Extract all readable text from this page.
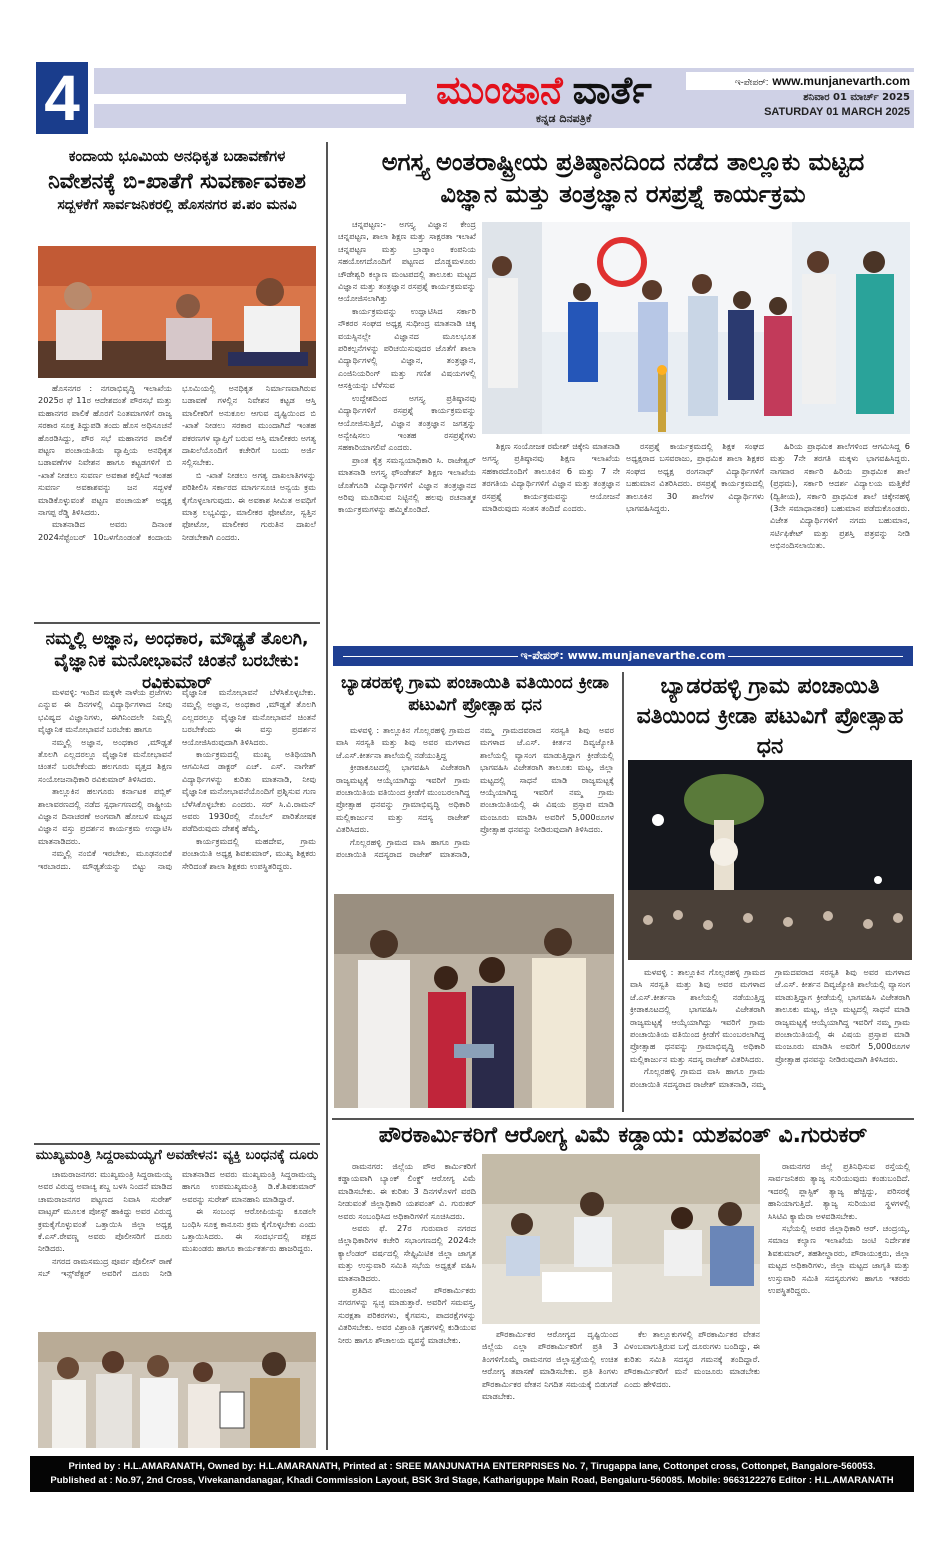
4	ಮುಂಜಾನೆ ವಾರ್ತೆ
ಕನ್ನಡ ದಿನಪತ್ರಿಕೆ
ಇ-ಪೇಪರ್: www.munjanevarth.com
ಶನಿವಾರ 01 ಮಾರ್ಚ್ 2025
SATURDAY 01 MARCH 2025
ಕಂದಾಯ ಭೂಮಿಯ ಅನಧಿಕೃತ ಬಡಾವಣೆಗಳ
ನಿವೇಶನಕ್ಕೆ ಬಿ-ಖಾತೆಗೆ ಸುವರ್ಣಾವಕಾಶ
ಸದ್ಬಳಕೆಗೆ ಸಾರ್ವಜನಿಕರಲ್ಲಿ ಹೊಸನಗರ ಪ.ಪಂ ಮನವಿ

ಹೊಸನಗರ : ನಗರಾಭಿವೃದ್ಧಿ ಇಲಾಖೆಯ 2025ರ ಫೆ 11ರ ಆದೇಶದಂತೆ ಪೌರಸಭೆ ಮತ್ತು ಮಹಾನಗರ ಪಾಲಿಕೆ ಹೊರಗೆ ನಿಂತಮಾಗಳಿಗೆ ರಾಜ್ಯ ಸರಕಾರ ಸೂಕ್ತ ತಿದ್ದುಪಡಿ ತಂದು ಹೊಸ ಅಧಿಸೂಚನೆ ಹೊರಡಿಸಿದ್ದು, ಪೌರ ಸಭೆ ಮಹಾನಗರ ಪಾಲಿಕೆ ಪಟ್ಟಣ ಪಂಚಾಯತಿಯ ವ್ಯಾಪ್ತಿಯ ಅನಧಿಕೃತ ಬಡಾವಣೆಗಳ ನಿವೇಶನ ಹಾಗೂ ಕಟ್ಟಡಗಳಿಗೆ ಬಿ -ಖಾತೆ ನೀಡಲು ಸುವರ್ಣ ಅವಕಾಶ ಕಲ್ಪಿಸಿದೆ ಇಂತಹ ಸುವರ್ಣ ಅವಕಾಶವನ್ನು ಜನ ಸದ್ಬಳಕೆ ಮಾಡಿಕೊಳ್ಳುವಂತೆ ಪಟ್ಟಣ ಪಂಚಾಯತ್ ಅಧ್ಯಕ್ಷ ನಾಗಪ್ಪ ರೆಡ್ಡಿ ತಿಳಿಸಿದರು.

ಮಾತನಾಡಿದ ಅವರು ದಿನಾಂಕ 2024ಸೆಪ್ಟೆಂಬರ್ 10ಒಳಗೊಂಡಂತೆ ಕಂದಾಯ ಭೂಮಿಯಲ್ಲಿ ಅನಧಿಕೃತ ನಿರ್ಮಾಣವಾಗಿರುವ ಬಡಾವಣೆ ಗಳಲ್ಲಿನ ನಿವೇಶನ ಕಟ್ಟಡ ಆಸ್ತಿ ಮಾಲೀಕರಿಗೆ ಅನುಕೂಲ ಆಗುವ ದೃಷ್ಟಿಯಿಂದ ಬಿ -ಖಾತೆ ನೀಡಲು ಸರಕಾರ ಮುಂದಾಗಿದೆ ಇಂತಹ ಪಕರಣಗಳ ವ್ಯಾಪ್ತಿಗೆ ಬರುವ ಆಸ್ತಿ ಮಾಲೀಕರು ಅಗತ್ಯ ದಾಖಲೆಯೊಂದಿಗೆ ಕಚೇರಿಗೆ ಬಂದು ಅರ್ಜಿ ಸಲ್ಲಿಸಬೇಕು.

ಬಿ -ಖಾತೆ ನೀಡಲು ಅಗತ್ಯ ದಾಖಲಾತಿಗಳನ್ನು ಪರಿಶೀಲಿಸಿ ಸರ್ಕಾರದ ಮಾರ್ಗಸೂಚಿ ಅನ್ವಯ ಕ್ರಮ ಕೈಗೊಳ್ಳಲಾಗುವುದು. ಈ ಅವಕಾಶ ಸೀಮಿತ ಅವಧಿಗೆ ಮಾತ್ರ ಲಭ್ಯವಿದ್ದು, ಮಾಲೀಕರ ಫೋಟೋ, ಸ್ವತ್ತಿನ ಫೋಟೋ, ಮಾಲೀಕರ ಗುರುತಿನ ದಾಖಲೆ ನೀಡಬೇಕಾಗಿ ಎಂದರು.

ನಮ್ಮಲ್ಲಿ ಅಜ್ಞಾನ, ಅಂಧಕಾರ, ಮೌಢ್ಯತೆ ತೊಲಗಿ, ವೈಜ್ಞಾನಿಕ ಮನೋಭಾವನೆ ಚಿಂತನೆ ಬರಬೇಕು: ರವಿಕುಮಾರ್

ಮಳವಳ್ಳಿ: ಇಂದಿನ ಮಕ್ಕಳೇ ನಾಳೆಯ ಪ್ರಜೆಗಳು ಎನ್ನುವ ಈ ದಿನಗಳಲ್ಲಿ ವಿದ್ಯಾರ್ಥಿಗಳಾದ ನೀವು ಭವಿಷ್ಯದ ವಿಜ್ಞಾನಿಗಳು, ಈಗಿನಿಂದಲೇ ನಿಮ್ಮಲ್ಲಿ ವೈಜ್ಞಾನಿಕ ಮನೋಭಾವನೆ ಬರಬೇಕು ಹಾಗೂ

ನಮ್ಮಲ್ಲಿ ಅಜ್ಞಾನ, ಅಂಧಕಾರ ,ಮೌಢ್ಯತೆ ತೊಲಗಿ ಎಲ್ಲದರಲ್ಲೂ ವೈಜ್ಞಾನಿಕ ಮನೋಭಾವನೆ ಚಿಂತನೆ ಬರಬೇಕೆಂದು ಹಲಗೂರು ವೃತ್ತದ ಶಿಕ್ಷಣ ಸಂಯೋಜನಾಧಿಕಾರಿ ರವಿಕುಮಾರ್ ತಿಳಿಸಿದರು.

ತಾಲ್ಲೂಕಿನ ಹಲಗೂರು ಕರ್ನಾಟಕ ಪಬ್ಲಿಕ್ ಶಾಲಾವರಣದಲ್ಲಿ ನಡೆದ ಸ್ಪರ್ಧಾಗಣದಲ್ಲಿ ರಾಷ್ಟ್ರೀಯ ವಿಜ್ಞಾನ ದಿನಾಚರಣೆ ಅಂಗವಾಗಿ ಹೋಬಳಿ ಮಟ್ಟದ ವಿಜ್ಞಾನ ವಸ್ತು ಪ್ರದರ್ಶನ ಕಾರ್ಯಕ್ರಮ ಉದ್ಘಾಟಿಸಿ ಮಾತನಾಡಿದರು.

ನಮ್ಮಲ್ಲಿ ನಂಬಿಕೆ ಇರಬೇಕು, ಮೂಢನಂಬಿಕೆ ಇರಬಾರದು. ಮೌಢ್ಯತೆಯನ್ನು ಬಿಟ್ಟು ನಾವು ವೈಜ್ಞಾನಿಕ ಮನೋಭಾವನೆ ಬೆಳೆಸಿಕೊಳ್ಳಬೇಕು. ನಮ್ಮಲ್ಲಿ ಅಜ್ಞಾನ, ಅಂಧಕಾರ ,ಮೌಢ್ಯತೆ ತೊಲಗಿ ಎಲ್ಲದರಲ್ಲೂ ವೈಜ್ಞಾನಿಕ ಮನೋಭಾವನೆ ಚಿಂತನೆ ಬರಬೇಕೆಂದು ಈ ವಸ್ತು ಪ್ರದರ್ಶನ ಆಯೋಜಿಸಿರುವುದಾಗಿ ತಿಳಿಸಿದರು.

ಕಾರ್ಯಕ್ರಮದಲ್ಲಿ ಮುಖ್ಯ ಅತಿಥಿಯಾಗಿ ಆಗಮಿಸಿದ ಡಾಕ್ಟರ್ ಎಚ್. ಎಸ್. ನಾಗೇಶ್ ವಿದ್ಯಾರ್ಥಿಗಳನ್ನು ಕುರಿತು ಮಾತನಾಡಿ, ನೀವು ವೈಜ್ಞಾನಿಕ ಮನೋಭಾವನೆಯೊಂದಿಗೆ ಪ್ರಶ್ನಿಸುವ ಗುಣ ಬೆಳೆಸಿಕೊಳ್ಳಬೇಕು ಎಂದರು. ಸರ್ ಸಿ.ವಿ.ರಾಮನ್ ಅವರು 1930ರಲ್ಲಿ ನೊಬೆಲ್ ಪಾರಿತೋಷಕ ಪಡೆದಿರುವುದು ದೇಶಕ್ಕೆ ಹೆಮ್ಮೆ.

ಕಾರ್ಯಕ್ರಮದಲ್ಲಿ ಮಹದೇವ, ಗ್ರಾಮ ಪಂಚಾಯಿತಿ ಅಧ್ಯಕ್ಷ ಶಿವಕುಮಾರ್, ಮುಖ್ಯ ಶಿಕ್ಷಕರು ಸೇರಿದಂತೆ ಶಾಲಾ ಶಿಕ್ಷಕರು ಉಪಸ್ಥಿತರಿದ್ದರು.

ಮುಖ್ಯಮಂತ್ರಿ ಸಿದ್ದರಾಮಯ್ಯಗೆ ಅವಹೇಳನ: ವ್ಯಕ್ತಿ ಬಂಧನಕ್ಕೆ ದೂರು

ಚಾಮರಾಜನಗರ: ಮುಖ್ಯಮಂತ್ರಿ ಸಿದ್ದರಾಮಯ್ಯ ಅವರ ವಿರುದ್ಧ ಅವಾಚ್ಯ ಶಬ್ದ ಬಳಸಿ ನಿಂದನೆ ಮಾಡಿದ ಚಾಮರಾಜನಗರ ಪಟ್ಟಣದ ನಿವಾಸಿ ಸುರೇಶ್ ವಾಟ್ಸಪ್ ಮೂಲಕ ಪೋಸ್ಟ್ ಹಾಕಿದ್ದು ಅವರ ವಿರುದ್ಧ ಕ್ರಮಕೈಗೊಳ್ಳುವಂತೆ ಒತ್ತಾಯಿಸಿ ಜಿಲ್ಲಾ ಅಧ್ಯಕ್ಷ ಕೆ.ಎಸ್.ರೇವಣ್ಣ ಅವರು ಪೊಲೀಸರಿಗೆ ದೂರು ನೀಡಿದರು.

ನಗರದ ರಾಮಸಮುದ್ರ ಪೂರ್ವ ಪೊಲೀಸ್ ಠಾಣೆ ಸಬ್ ಇನ್ಸ್‌ಪೆಕ್ಟರ್ ಅವರಿಗೆ ದೂರು ನೀಡಿ ಮಾತನಾಡಿದ ಅವರು ಮುಖ್ಯಮಂತ್ರಿ ಸಿದ್ದರಾಮಯ್ಯ ಹಾಗೂ ಉಪಮುಖ್ಯಮಂತ್ರಿ ಡಿ.ಕೆ.ಶಿವಕುಮಾರ್ ಅವರನ್ನು ಸುರೇಶ್ ಮಾನಹಾನಿ ಮಾಡಿದ್ದಾರೆ.

ಈ ಸಂಬಂಧ ಆರೋಪಿಯನ್ನು ಕೂಡಲೇ ಬಂಧಿಸಿ ಸೂಕ್ತ ಕಾನೂನು ಕ್ರಮ ಕೈಗೊಳ್ಳಬೇಕು ಎಂದು ಒತ್ತಾಯಿಸಿದರು. ಈ ಸಂದರ್ಭದಲ್ಲಿ ಪಕ್ಷದ ಮುಖಂಡರು ಹಾಗೂ ಕಾರ್ಯಕರ್ತರು ಹಾಜರಿದ್ದರು.

ಅಗಸ್ತ್ಯ ಅಂತರಾಷ್ಟ್ರೀಯ ಪ್ರತಿಷ್ಠಾನದಿಂದ ನಡೆದ ತಾಲ್ಲೂಕು ಮಟ್ಟದ ವಿಜ್ಞಾನ ಮತ್ತು ತಂತ್ರಜ್ಞಾನ ರಸಪ್ರಶ್ನೆ ಕಾರ್ಯಕ್ರಮ

ಚನ್ನಪಟ್ಟಣ:- ಅಗಸ್ತ್ಯ ವಿಜ್ಞಾನ ಕೇಂದ್ರ ಚನ್ನಪಟ್ಟಣ, ಶಾಲಾ ಶಿಕ್ಷಣ ಮತ್ತು ಸಾಕ್ಷರತಾ ಇಲಾಖೆ ಚನ್ನಪಟ್ಟಣ ಮತ್ತು ಬ್ರಾಡ್ಕಾಂ ಕಂಪನಿಯ ಸಹಯೋಗದೊಂದಿಗೆ ಪಟ್ಟಣದ ದೊಡ್ಡಮಳೂರು ಚೌಡೇಶ್ವರಿ ಕಲ್ಯಾಣ ಮಂಟಪದಲ್ಲಿ ತಾಲೂಕು ಮಟ್ಟದ ವಿಜ್ಞಾನ ಮತ್ತು ತಂತ್ರಜ್ಞಾನ ರಸಪ್ರಶ್ನೆ ಕಾರ್ಯಕ್ರಮವನ್ನು ಆಯೋಜಿಸಲಾಗಿತ್ತು

ಕಾರ್ಯಕ್ರಮವನ್ನು ಉದ್ಘಾಟಿಸಿದ ಸರ್ಕಾರಿ ನೌಕರರ ಸಂಘದ ಅಧ್ಯಕ್ಷ ಸುಧೀಂದ್ರ ಮಾತನಾಡಿ ಚಿಕ್ಕ ವಯಸ್ಸಿನಲ್ಲೇ ವಿಜ್ಞಾನದ ಮೂಲಭೂತ ಪರಿಕಲ್ಪನೆಗಳನ್ನು ಪರಿಚಯಿಸುವುದರ ಜೊತೆಗೆ ಶಾಲಾ ವಿದ್ಯಾರ್ಥಿಗಳಲ್ಲಿ ವಿಜ್ಞಾನ, ತಂತ್ರಜ್ಞಾನ, ಎಂಜಿನಿಯರಿಂಗ್ ಮತ್ತು ಗಣಿತ ವಿಷಯಗಳಲ್ಲಿ ಆಸಕ್ತಿಯನ್ನು ಬೆಳೆಸುವ

ಉದ್ದೇಶದಿಂದ ಅಗಸ್ತ್ಯ ಪ್ರತಿಷ್ಠಾನವು ವಿದ್ಯಾರ್ಥಿಗಳಿಗೆ ರಸಪ್ರಶ್ನೆ ಕಾರ್ಯಕ್ರಮವನ್ನು ಆಯೋಜಿಸುತ್ತಿದೆ, ವಿಜ್ಞಾನ ತಂತ್ರಜ್ಞಾನ ಜಗತ್ತನ್ನು ಅನ್ವೇಷಿಸಲು ಇಂತಹ ರಸಪ್ರಶ್ನೆಗಳು ಸಹಕಾರಿಯಾಗಲಿವೆ ಎಂದರು.

ಪ್ರಾಂತ ಕೈತ್ರ ಸಮನ್ವಯಾಧಿಕಾರಿ ಸಿ. ರಾಜೇಶ್ವರ್ ಮಾತನಾಡಿ ಅಗಸ್ತ್ಯ ಫೌಂಡೇಶನ್ ಶಿಕ್ಷಣ ಇಲಾಖೆಯ ಜೊತೆಗೂಡಿ ವಿದ್ಯಾರ್ಥಿಗಳಿಗೆ ವಿಜ್ಞಾನ ತಂತ್ರಜ್ಞಾನದ ಅರಿವು ಮೂಡಿಸುವ ನಿಟ್ಟಿನಲ್ಲಿ ಹಲವು ರಚನಾತ್ಮಕ ಕಾರ್ಯಕ್ರಮಗಳನ್ನು ಹಮ್ಮಿಕೊಂಡಿದೆ.

ಶಿಕ್ಷಣ ಸಂಯೋಜಕ ರಮೇಶ್ ಚಿಕ್ಕೇನಿ ಮಾತನಾಡಿ ಅಗಸ್ತ್ಯ ಪ್ರತಿಷ್ಠಾನವು ಶಿಕ್ಷಣ ಇಲಾಖೆಯ ಸಹಕಾರದೊಂದಿಗೆ ತಾಲೂಕಿನ 6 ಮತ್ತು 7 ನೇ ತರಗತಿಯ ವಿದ್ಯಾರ್ಥಿಗಳಿಗೆ ವಿಜ್ಞಾನ ಮತ್ತು ತಂತ್ರಜ್ಞಾನ ರಸಪ್ರಶ್ನೆ ಕಾರ್ಯಕ್ರಮವನ್ನು ಆಯೋಜನೆ ಮಾಡಿರುವುದು ಸಂತಸ ತಂದಿದೆ ಎಂದರು.

ರಸಪ್ರಶ್ನೆ ಕಾರ್ಯಕ್ರಮದಲ್ಲಿ ಶಿಕ್ಷಕ ಸಂಘದ ಅಧ್ಯಕ್ಷರಾದ ಬಸವರಾಜು, ಪ್ರಾಥಮಿಕ ಶಾಲಾ ಶಿಕ್ಷಕರ ಸಂಘದ ಅಧ್ಯಕ್ಷ ರಂಗನಾಥ್ ವಿದ್ಯಾರ್ಥಿಗಳಿಗೆ ಬಹುಮಾನ ವಿತರಿಸಿದರು. ರಸಪ್ರಶ್ನೆ ಕಾರ್ಯಕ್ರಮದಲ್ಲಿ ತಾಲೂಕಿನ 30 ಶಾಲೆಗಳ ವಿದ್ಯಾರ್ಥಿಗಳು ಭಾಗವಹಿಸಿದ್ದರು.

ಹಿರಿಯ ಪ್ರಾಥಮಿಕ ಶಾಲೆಗಳಿಂದ ಆಗಮಿಸಿದ್ದ 6 ಮತ್ತು 7ನೇ ತರಗತಿ ಮಕ್ಕಳು ಭಾಗವಹಿಸಿದ್ದರು. ನಾಗವಾರ ಸರ್ಕಾರಿ ಹಿರಿಯ ಪ್ರಾಥಮಿಕ ಶಾಲೆ (ಪ್ರಥಮ), ಸರ್ಕಾರಿ ಆದರ್ಶ ವಿದ್ಯಾಲಯ ಮತ್ತಿಕೆರೆ (ದ್ವಿತೀಯ), ಸರ್ಕಾರಿ ಪ್ರಾಥಮಿಕ ಶಾಲೆ ಚಿಕ್ಕೇನಹಳ್ಳಿ (3ನೇ ಸಮಾಧಾನಕರ) ಬಹುಮಾನ ಪಡೆದುಕೊಂಡರು. ವಿಜೇತ ವಿದ್ಯಾರ್ಥಿಗಳಿಗೆ ನಗದು ಬಹುಮಾನ, ಸರ್ಟಿಫಿಕೇಟ್ ಮತ್ತು ಪ್ರಶಸ್ತಿ ಪತ್ರವನ್ನು ನೀಡಿ ಅಭಿನಂದಿಸಲಾಯಿತು.

ಇ-ಪೇಪರ್: www.munjanevarthe.com
ಬ್ಯಾಡರಹಳ್ಳಿ ಗ್ರಾಮ ಪಂಚಾಯಿತಿ ವತಿಯಿಂದ ಕ್ರೀಡಾ ಪಟುವಿಗೆ ಪ್ರೋತ್ಸಾಹ ಧನ

ಮಳವಳ್ಳಿ : ತಾಲ್ಲೂಕಿನ ಗೊಲ್ಲರಹಳ್ಳಿ ಗ್ರಾಮದ ವಾಸಿ ಸರಸ್ವತಿ ಮತ್ತು ಶಿವು ಅವರ ಮಗಳಾದ ಜೆ.ಎಸ್.ಕೀರ್ತನಾ ಶಾಲೆಯಲ್ಲಿ ನಡೆಯುತ್ತಿದ್ದ

ಕ್ರೀಡಾಕೂಟದಲ್ಲಿ ಭಾಗವಹಿಸಿ ವಿಜೇತರಾಗಿ ರಾಜ್ಯಮಟ್ಟಕ್ಕೆ ಆಯ್ಕೆಯಾಗಿದ್ದು ಇವರಿಗೆ ಗ್ರಾಮ ಪಂಚಾಯಿತಿಯ ವತಿಯಿಂದ ಕ್ರೀಡೆಗೆ ಮುಂಬರಲಾಗಿದ್ದ ಪ್ರೋತ್ಸಾಹ ಧನವನ್ನು ಗ್ರಾಮಾಭಿವೃದ್ಧಿ ಅಧಿಕಾರಿ ಮಲ್ಲಿಕಾರ್ಜುನ ಮತ್ತು ಸದಸ್ಯ ರಾಜೇಶ್ ವಿತರಿಸಿದರು.

ಗೊಲ್ಲರಹಳ್ಳಿ ಗ್ರಾಮದ ವಾಸಿ ಹಾಗೂ ಗ್ರಾಮ ಪಂಚಾಯಿತಿ ಸದಸ್ಯರಾದ ರಾಜೇಶ್ ಮಾತನಾಡಿ, ನಮ್ಮ ಗ್ರಾಮದವರಾದ ಸರಸ್ವತಿ ಶಿವು ಅವರ ಮಗಳಾದ ಜೆ.ಎಸ್. ಕೀರ್ತನ ದಿವ್ಯಜ್ಯೋತಿ ಶಾಲೆಯಲ್ಲಿ ವ್ಯಾಸಂಗ ಮಾಡುತ್ತಿದ್ದಾಗ ಕ್ರೀಡೆಯಲ್ಲಿ ಭಾಗವಹಿಸಿ ವಿಜೇತರಾಗಿ ತಾಲೂಕು ಮಟ್ಟ, ಜಿಲ್ಲಾ ಮಟ್ಟದಲ್ಲಿ ಸಾಧನೆ ಮಾಡಿ ರಾಜ್ಯಮಟ್ಟಕ್ಕೆ ಆಯ್ಕೆಯಾಗಿದ್ದ ಇವರಿಗೆ ನಮ್ಮ ಗ್ರಾಮ ಪಂಚಾಯಿತಿಯಲ್ಲಿ ಈ ವಿಷಯ ಪ್ರಸ್ತಾಪ ಮಾಡಿ ಮಂಜೂರು ಮಾಡಿಸಿ ಅವರಿಗೆ 5,000ರೂಗಳ ಪ್ರೋತ್ಸಾಹ ಧನವನ್ನು ನೀಡಿರುವುದಾಗಿ ತಿಳಿಸಿದರು.

ಬ್ಯಾಡರಹಳ್ಳಿ ಗ್ರಾಮ ಪಂಚಾಯಿತಿ ವತಿಯಿಂದ ಕ್ರೀಡಾ ಪಟುವಿಗೆ ಪ್ರೋತ್ಸಾಹ ಧನ

ಮಳವಳ್ಳಿ : ತಾಲ್ಲೂಕಿನ ಗೊಲ್ಲರಹಳ್ಳಿ ಗ್ರಾಮದ ವಾಸಿ ಸರಸ್ವತಿ ಮತ್ತು ಶಿವು ಅವರ ಮಗಳಾದ ಜೆ.ಎಸ್.ಕೀರ್ತನಾ ಶಾಲೆಯಲ್ಲಿ ನಡೆಯುತ್ತಿದ್ದ ಕ್ರೀಡಾಕೂಟದಲ್ಲಿ ಭಾಗವಹಿಸಿ ವಿಜೇತರಾಗಿ ರಾಜ್ಯಮಟ್ಟಕ್ಕೆ ಆಯ್ಕೆಯಾಗಿದ್ದು ಇವರಿಗೆ ಗ್ರಾಮ ಪಂಚಾಯಿತಿಯ ವತಿಯಿಂದ ಕ್ರೀಡೆಗೆ ಮುಂಬರಲಾಗಿದ್ದ ಪ್ರೋತ್ಸಾಹ ಧನವನ್ನು ಗ್ರಾಮಾಭಿವೃದ್ಧಿ ಅಧಿಕಾರಿ ಮಲ್ಲಿಕಾರ್ಜುನ ಮತ್ತು ಸದಸ್ಯ ರಾಜೇಶ್ ವಿತರಿಸಿದರು.

ಗೊಲ್ಲರಹಳ್ಳಿ ಗ್ರಾಮದ ವಾಸಿ ಹಾಗೂ ಗ್ರಾಮ ಪಂಚಾಯಿತಿ ಸದಸ್ಯರಾದ ರಾಜೇಶ್ ಮಾತನಾಡಿ, ನಮ್ಮ ಗ್ರಾಮದವರಾದ ಸರಸ್ವತಿ ಶಿವು ಅವರ ಮಗಳಾದ ಜೆ.ಎಸ್. ಕೀರ್ತನ ದಿವ್ಯಜ್ಯೋತಿ ಶಾಲೆಯಲ್ಲಿ ವ್ಯಾಸಂಗ ಮಾಡುತ್ತಿದ್ದಾಗ ಕ್ರೀಡೆಯಲ್ಲಿ ಭಾಗವಹಿಸಿ ವಿಜೇತರಾಗಿ ತಾಲೂಕು ಮಟ್ಟ, ಜಿಲ್ಲಾ ಮಟ್ಟದಲ್ಲಿ ಸಾಧನೆ ಮಾಡಿ ರಾಜ್ಯಮಟ್ಟಕ್ಕೆ ಆಯ್ಕೆಯಾಗಿದ್ದ ಇವರಿಗೆ ನಮ್ಮ ಗ್ರಾಮ ಪಂಚಾಯಿತಿಯಲ್ಲಿ ಈ ವಿಷಯ ಪ್ರಸ್ತಾಪ ಮಾಡಿ ಮಂಜೂರು ಮಾಡಿಸಿ ಅವರಿಗೆ 5,000ರೂಗಳ ಪ್ರೋತ್ಸಾಹ ಧನವನ್ನು ನೀಡಿರುವುದಾಗಿ ತಿಳಿಸಿದರು.

ಪೌರಕಾರ್ಮಿಕರಿಗೆ ಆರೋಗ್ಯ ವಿಮೆ ಕಡ್ಡಾಯ: ಯಶವಂತ್ ವಿ.ಗುರುಕರ್

ರಾಮನಗರ: ಜಿಲ್ಲೆಯ ಪೌರ ಕಾರ್ಮಿಕರಿಗೆ ಕಡ್ಡಾಯವಾಗಿ ಬ್ಯಾಂಕ್ ಲಿಂಕ್ಡ್ ಆರೋಗ್ಯ ವಿಮೆ ಮಾಡಿಸಬೇಕು. ಈ ಕುರಿತು 3 ದಿನಗಳೊಳಗೆ ವರದಿ ನೀಡುವಂತೆ ಜಿಲ್ಲಾಧಿಕಾರಿ ಯಶವಂತ್ ವಿ. ಗುರುಕರ್ ಅವರು ಸಂಬಂಧಿಸಿದ ಅಧಿಕಾರಿಗಳಿಗೆ ಸೂಚಿಸಿದರು.

ಅವರು ಫೆ. 27ರ ಗುರುವಾರ ನಗರದ ಜಿಲ್ಲಾಧಿಕಾರಿಗಳ ಕಚೇರಿ ಸಭಾಂಗಣದಲ್ಲಿ 2024ನೇ ಕ್ಯಾಲೆಂಡರ್ ವರ್ಷದಲ್ಲಿ ಸೇಫ್ಟಿಮಿಟಿಕ ಜಿಲ್ಲಾ ಜಾಗೃತ ಮತ್ತು ಉಸ್ತುವಾರಿ ಸಮಿತಿ ಸಭೆಯ ಅಧ್ಯಕ್ಷತೆ ವಹಿಸಿ ಮಾತನಾಡಿದರು.

ಪ್ರತಿದಿನ ಮುಂಜಾನೆ ಪೌರಕಾರ್ಮಿಕರು ನಗರಗಳನ್ನು ಸ್ವಚ್ಛ ಮಾಡುತ್ತಾರೆ. ಅವರಿಗೆ ಸಮವಸ್ತ್ರ, ಸುರಕ್ಷತಾ ಪರಿಕರಗಳು, ಕೈಗವಸು, ಪಾದರಕ್ಷೆಗಳನ್ನು ವಿತರಿಸಬೇಕು. ಅವರ ವಿಶ್ರಾಂತಿ ಗೃಹಗಳಲ್ಲಿ ಕುಡಿಯುವ ನೀರು ಹಾಗೂ ಶೌಚಾಲಯ ವ್ಯವಸ್ಥೆ ಮಾಡಬೇಕು.

ಪೌರಕಾರ್ಮಿಕರ ಆರೋಗ್ಯದ ದೃಷ್ಟಿಯಿಂದ ಜಿಲ್ಲೆಯ ಎಲ್ಲಾ ಪೌರಕಾರ್ಮಿಕರಿಗೆ ಪ್ರತಿ 3 ತಿಂಗಳಿಗೊಮ್ಮೆ ರಾಮನಗರ ಜಿಲ್ಲಾಸ್ಪತ್ರೆಯಲ್ಲಿ ಉಚಿತ ಆರೋಗ್ಯ ತಪಾಸಣೆ ಮಾಡಿಸಬೇಕು. ಪ್ರತಿ ತಿಂಗಳು ಪೌರಕಾರ್ಮಿಕರ ವೇತನ ನಿಗದಿತ ಸಮಯಕ್ಕೆ ಬಿಡುಗಡೆ ಮಾಡಬೇಕು.

ಕೆಲ ತಾಲ್ಲೂಕುಗಳಲ್ಲಿ ಪೌರಕಾರ್ಮಿಕರ ವೇತನ ವಿಳಂಬವಾಗುತ್ತಿರುವ ಬಗ್ಗೆ ದೂರುಗಳು ಬಂದಿದ್ದು, ಈ ಕುರಿತು ಸಮಿತಿ ಸದಸ್ಯರ ಗಮನಕ್ಕೆ ತಂದಿದ್ದಾರೆ. ಪೌರಕಾರ್ಮಿಕರಿಗೆ ಮನೆ ಮಂಜೂರು ಮಾಡಬೇಕು ಎಂದು ಹೇಳಿದರು.

ರಾಮನಗರ ಜಿಲ್ಲೆ ಪ್ರತಿನಿಧಿಸುವ ರಸ್ತೆಯಲ್ಲಿ ಸಾರ್ವಜನಿಕರು ತ್ಯಾಜ್ಯ ಸುರಿಯುವುದು ಕಂಡುಬಂದಿದೆ. ಇದರಲ್ಲಿ ಪ್ಲಾಸ್ಟಿಕ್ ತ್ಯಾಜ್ಯ ಹೆಚ್ಚಿದ್ದು, ಪರಿಸರಕ್ಕೆ ಹಾನಿಯಾಗುತ್ತಿದೆ. ತ್ಯಾಜ್ಯ ಸುರಿಯುವ ಸ್ಥಳಗಳಲ್ಲಿ ಸಿಸಿಟಿವಿ ಕ್ಯಾಮೆರಾ ಅಳವಡಿಸಬೇಕು.

ಸಭೆಯಲ್ಲಿ ಅಪರ ಜಿಲ್ಲಾಧಿಕಾರಿ ಆರ್. ಚಂದ್ರಯ್ಯ, ಸಮಾಜ ಕಲ್ಯಾಣ ಇಲಾಖೆಯ ಜಂಟಿ ನಿರ್ದೇಶಕ ಶಿವಕುಮಾರ್, ತಹಶೀಲ್ದಾರರು, ಪೌರಾಯುಕ್ತರು, ಜಿಲ್ಲಾ ಮಟ್ಟದ ಅಧಿಕಾರಿಗಳು, ಜಿಲ್ಲಾ ಮಟ್ಟದ ಜಾಗೃತಿ ಮತ್ತು ಉಸ್ತುವಾರಿ ಸಮಿತಿ ಸದಸ್ಯರುಗಳು ಹಾಗೂ ಇತರರು ಉಪಸ್ಥಿತರಿದ್ದರು.

Printed by : H.L.AMARANATH, Owned by: H.L.AMARANATH, Printed at : SREE MANJUNATHA ENTERPRISES No. 7, Tirugappa lane, Cottonpet cross, Cottonpet, Bangalore-560053.
Published at : No.97, 2nd Cross, Vivekanandanagar, Khadi Commission Layout, BSK 3rd Stage, Kathariguppe Main Road, Bengaluru-560085. Mobile: 9663122276 Editor : H.L.AMARANATH
